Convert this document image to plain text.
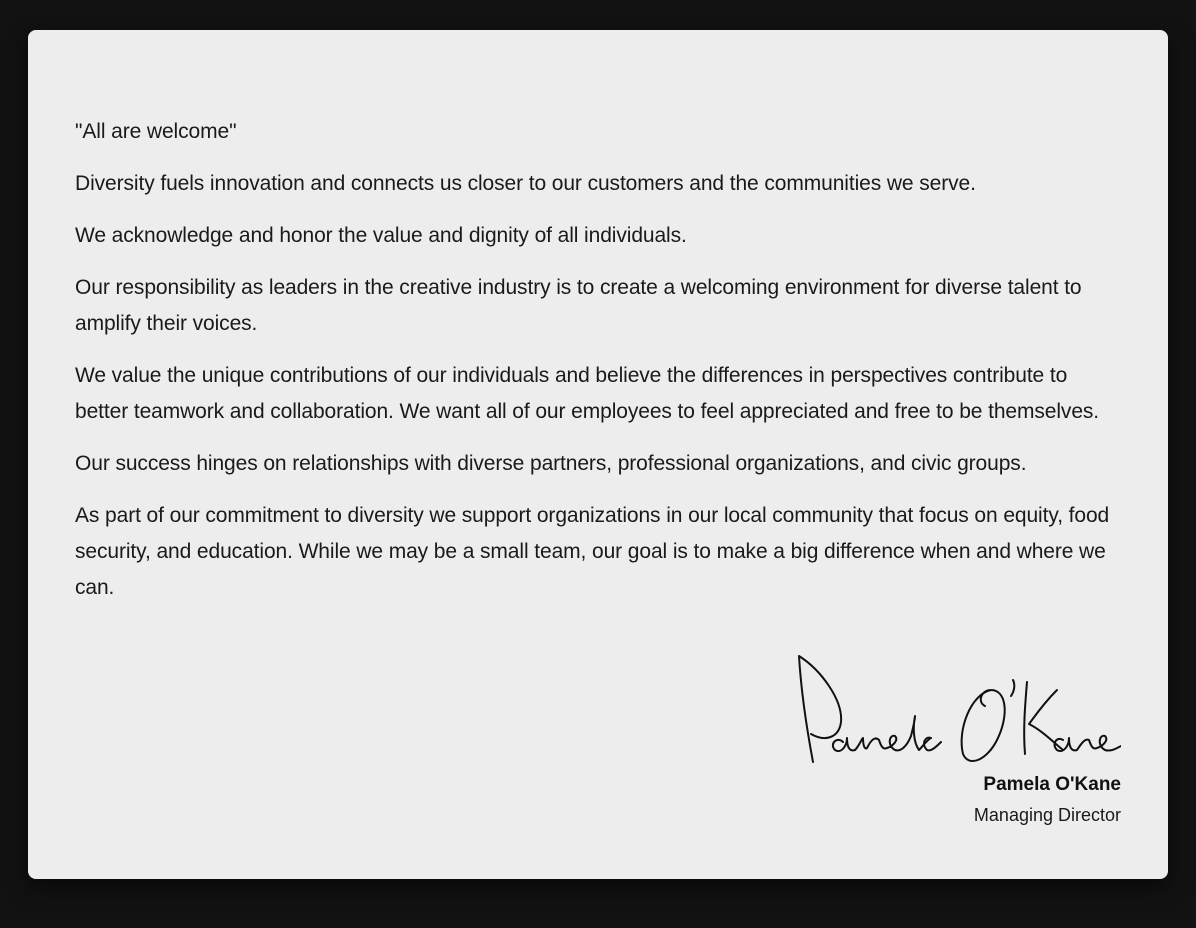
"All are welcome"

Diversity fuels innovation and connects us closer to our customers and the communities we serve.

We acknowledge and honor the value and dignity of all individuals.

Our responsibility as leaders in the creative industry is to create a welcoming environment for diverse talent to amplify their voices.

We value the unique contributions of our individuals and believe the differences in perspectives contribute to better teamwork and collaboration. We want all of our employees to feel appreciated and free to be themselves.

Our success hinges on relationships with diverse partners, professional organizations, and civic groups.

As part of our commitment to diversity we support organizations in our local community that focus on equity, food security, and education. While we may be a small team, our goal is to make a big difference when and where we can.

Pamela O'Kane
Managing Director
